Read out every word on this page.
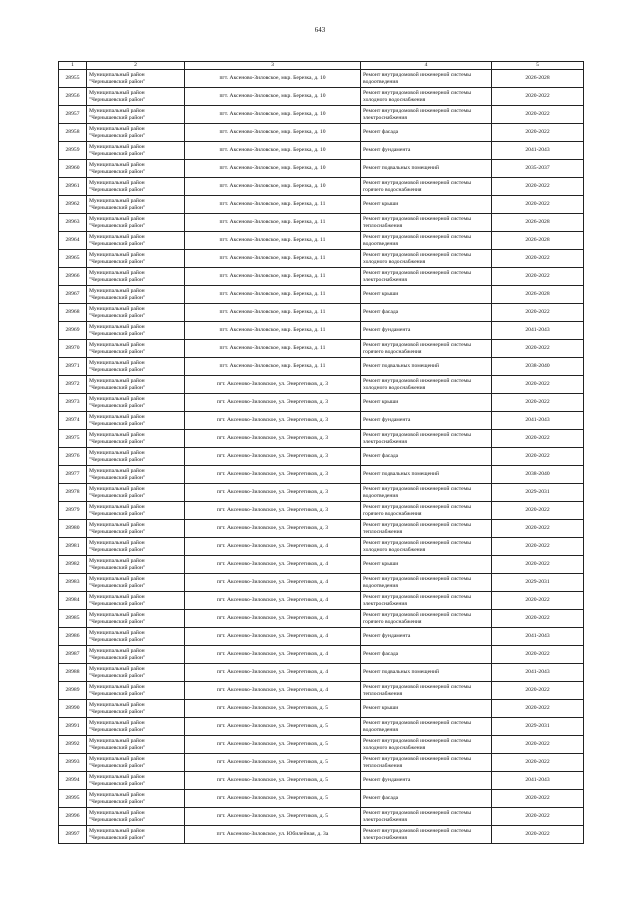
643
1	2	3	4	5
28955	Муниципальный район "Чернышевский район"	пгт. Аксеново-Зиловское, мкр. Березка, д. 10	Ремонт внутридомовой инженерной системы водоотведения	2026-2028
28956	Муниципальный район "Чернышевский район"	пгт. Аксеново-Зиловское, мкр. Березка, д. 10	Ремонт внутридомовой инженерной системы холодного водоснабжения	2020-2022
28957	Муниципальный район "Чернышевский район"	пгт. Аксеново-Зиловское, мкр. Березка, д. 10	Ремонт внутридомовой инженерной системы электроснабжения	2020-2022
28958	Муниципальный район "Чернышевский район"	пгт. Аксеново-Зиловское, мкр. Березка, д. 10	Ремонт фасада	2020-2022
28959	Муниципальный район "Чернышевский район"	пгт. Аксеново-Зиловское, мкр. Березка, д. 10	Ремонт фундамента	2041-2043
28960	Муниципальный район "Чернышевский район"	пгт. Аксеново-Зиловское, мкр. Березка, д. 10	Ремонт подвальных помещений	2035-2037
28961	Муниципальный район "Чернышевский район"	пгт. Аксеново-Зиловское, мкр. Березка, д. 10	Ремонт внутридомовой инженерной системы горячего водоснабжения	2020-2022
28962	Муниципальный район "Чернышевский район"	пгт. Аксеново-Зиловское, мкр. Березка, д. 11	Ремонт крыши	2020-2022
28963	Муниципальный район "Чернышевский район"	пгт. Аксеново-Зиловское, мкр. Березка, д. 11	Ремонт внутридомовой инженерной системы теплоснабжения	2026-2028
28964	Муниципальный район "Чернышевский район"	пгт. Аксеново-Зиловское, мкр. Березка, д. 11	Ремонт внутридомовой инженерной системы водоотведения	2026-2028
28965	Муниципальный район "Чернышевский район"	пгт. Аксеново-Зиловское, мкр. Березка, д. 11	Ремонт внутридомовой инженерной системы холодного водоснабжения	2020-2022
28966	Муниципальный район "Чернышевский район"	пгт. Аксеново-Зиловское, мкр. Березка, д. 11	Ремонт внутридомовой инженерной системы электроснабжения	2020-2022
28967	Муниципальный район "Чернышевский район"	пгт. Аксеново-Зиловское, мкр. Березка, д. 11	Ремонт крыши	2026-2028
28968	Муниципальный район "Чернышевский район"	пгт. Аксеново-Зиловское, мкр. Березка, д. 11	Ремонт фасада	2020-2022
28969	Муниципальный район "Чернышевский район"	пгт. Аксеново-Зиловское, мкр. Березка, д. 11	Ремонт фундамента	2041-2043
28970	Муниципальный район "Чернышевский район"	пгт. Аксеново-Зиловское, мкр. Березка, д. 11	Ремонт внутридомовой инженерной системы горячего водоснабжения	2020-2022
28971	Муниципальный район "Чернышевский район"	пгт. Аксеново-Зиловское, мкр. Березка, д. 11	Ремонт подвальных помещений	2038-2040
28972	Муниципальный район "Чернышевский район"	пгт. Аксеново-Зиловское, ул. Энергетиков, д. 3	Ремонт внутридомовой инженерной системы холодного водоснабжения	2020-2022
28973	Муниципальный район "Чернышевский район"	пгт. Аксеново-Зиловское, ул. Энергетиков, д. 3	Ремонт крыши	2020-2022
28974	Муниципальный район "Чернышевский район"	пгт. Аксеново-Зиловское, ул. Энергетиков, д. 3	Ремонт фундамента	2041-2043
28975	Муниципальный район "Чернышевский район"	пгт. Аксеново-Зиловское, ул. Энергетиков, д. 3	Ремонт внутридомовой инженерной системы электроснабжения	2020-2022
28976	Муниципальный район "Чернышевский район"	пгт. Аксеново-Зиловское, ул. Энергетиков, д. 3	Ремонт фасада	2020-2022
28977	Муниципальный район "Чернышевский район"	пгт. Аксеново-Зиловское, ул. Энергетиков, д. 3	Ремонт подвальных помещений	2038-2040
28978	Муниципальный район "Чернышевский район"	пгт. Аксеново-Зиловское, ул. Энергетиков, д. 3	Ремонт внутридомовой инженерной системы водоотведения	2029-2031
28979	Муниципальный район "Чернышевский район"	пгт. Аксеново-Зиловское, ул. Энергетиков, д. 3	Ремонт внутридомовой инженерной системы горячего водоснабжения	2020-2022
28980	Муниципальный район "Чернышевский район"	пгт. Аксеново-Зиловское, ул. Энергетиков, д. 3	Ремонт внутридомовой инженерной системы теплоснабжения	2020-2022
28981	Муниципальный район "Чернышевский район"	пгт. Аксеново-Зиловское, ул. Энергетиков, д. 4	Ремонт внутридомовой инженерной системы холодного водоснабжения	2020-2022
28982	Муниципальный район "Чернышевский район"	пгт. Аксеново-Зиловское, ул. Энергетиков, д. 4	Ремонт крыши	2020-2022
28983	Муниципальный район "Чернышевский район"	пгт. Аксеново-Зиловское, ул. Энергетиков, д. 4	Ремонт внутридомовой инженерной системы водоотведения	2029-2031
28984	Муниципальный район "Чернышевский район"	пгт. Аксеново-Зиловское, ул. Энергетиков, д. 4	Ремонт внутридомовой инженерной системы электроснабжения	2020-2022
28985	Муниципальный район "Чернышевский район"	пгт. Аксеново-Зиловское, ул. Энергетиков, д. 4	Ремонт внутридомовой инженерной системы горячего водоснабжения	2020-2022
28986	Муниципальный район "Чернышевский район"	пгт. Аксеново-Зиловское, ул. Энергетиков, д. 4	Ремонт фундамента	2041-2043
28987	Муниципальный район "Чернышевский район"	пгт. Аксеново-Зиловское, ул. Энергетиков, д. 4	Ремонт фасада	2020-2022
28988	Муниципальный район "Чернышевский район"	пгт. Аксеново-Зиловское, ул. Энергетиков, д. 4	Ремонт подвальных помещений	2041-2043
28989	Муниципальный район "Чернышевский район"	пгт. Аксеново-Зиловское, ул. Энергетиков, д. 4	Ремонт внутридомовой инженерной системы теплоснабжения	2020-2022
28990	Муниципальный район "Чернышевский район"	пгт. Аксеново-Зиловское, ул. Энергетиков, д. 5	Ремонт крыши	2020-2022
28991	Муниципальный район "Чернышевский район"	пгт. Аксеново-Зиловское, ул. Энергетиков, д. 5	Ремонт внутридомовой инженерной системы водоотведения	2029-2031
28992	Муниципальный район "Чернышевский район"	пгт. Аксеново-Зиловское, ул. Энергетиков, д. 5	Ремонт внутридомовой инженерной системы холодного водоснабжения	2020-2022
28993	Муниципальный район "Чернышевский район"	пгт. Аксеново-Зиловское, ул. Энергетиков, д. 5	Ремонт внутридомовой инженерной системы теплоснабжения	2020-2022
28994	Муниципальный район "Чернышевский район"	пгт. Аксеново-Зиловское, ул. Энергетиков, д. 5	Ремонт фундамента	2041-2043
28995	Муниципальный район "Чернышевский район"	пгт. Аксеново-Зиловское, ул. Энергетиков, д. 5	Ремонт фасада	2020-2022
28996	Муниципальный район "Чернышевский район"	пгт. Аксеново-Зиловское, ул. Энергетиков, д. 5	Ремонт внутридомовой инженерной системы электроснабжения	2020-2022
28997	Муниципальный район "Чернышевский район"	пгт. Аксеново-Зиловское, ул. Юбилейная, д. 3а	Ремонт внутридомовой инженерной системы электроснабжения	2020-2022
